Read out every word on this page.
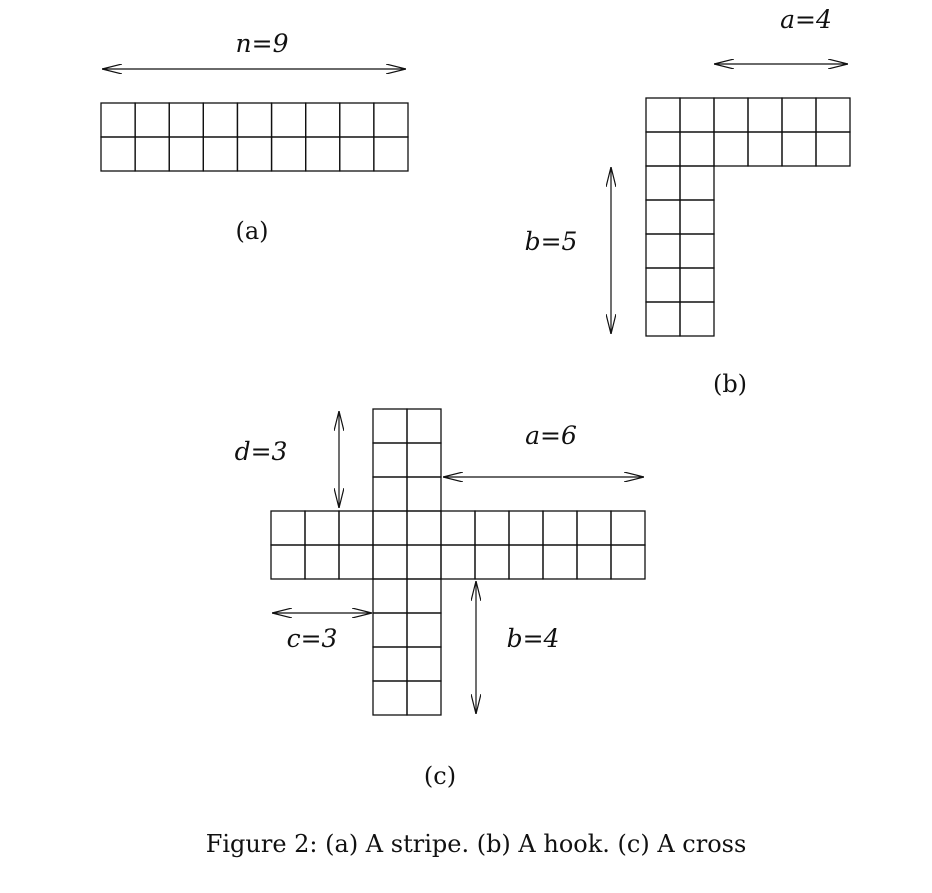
n=9
(a)
a=4
b=5
(b)
d=3
a=6
c=3	b=4
(c)
Figure 2: (a) A stripe. (b) A hook. (c) A cross
